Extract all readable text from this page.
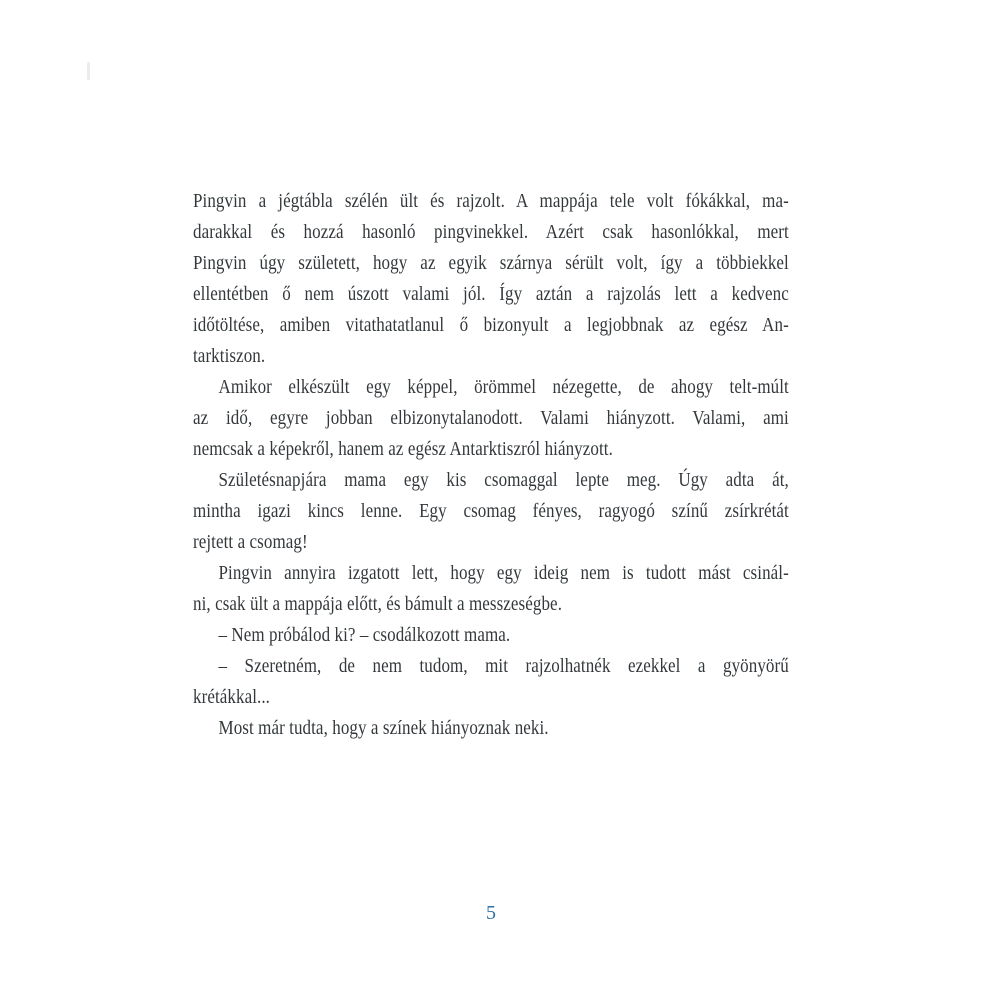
Pingvin a jégtábla szélén ült és rajzolt. A mappája tele volt fókákkal, ma-
darakkal és hozzá hasonló pingvinekkel. Azért csak hasonlókkal, mert
Pingvin úgy született, hogy az egyik szárnya sérült volt, így a többiekkel
ellentétben ő nem úszott valami jól. Így aztán a rajzolás lett a kedvenc
időtöltése, amiben vitathatatlanul ő bizonyult a legjobbnak az egész An-
tarktiszon.
Amikor elkészült egy képpel, örömmel nézegette, de ahogy telt-múlt
az idő, egyre jobban elbizonytalanodott. Valami hiányzott. Valami, ami
nemcsak a képekről, hanem az egész Antarktiszról hiányzott.
Születésnapjára mama egy kis csomaggal lepte meg. Úgy adta át,
mintha igazi kincs lenne. Egy csomag fényes, ragyogó színű zsírkrétát
rejtett a csomag!
Pingvin annyira izgatott lett, hogy egy ideig nem is tudott mást csinál-
ni, csak ült a mappája előtt, és bámult a messzeségbe.
– Nem próbálod ki? – csodálkozott mama.
– Szeretném, de nem tudom, mit rajzolhatnék ezekkel a gyönyörű
krétákkal...
Most már tudta, hogy a színek hiányoznak neki.
5
